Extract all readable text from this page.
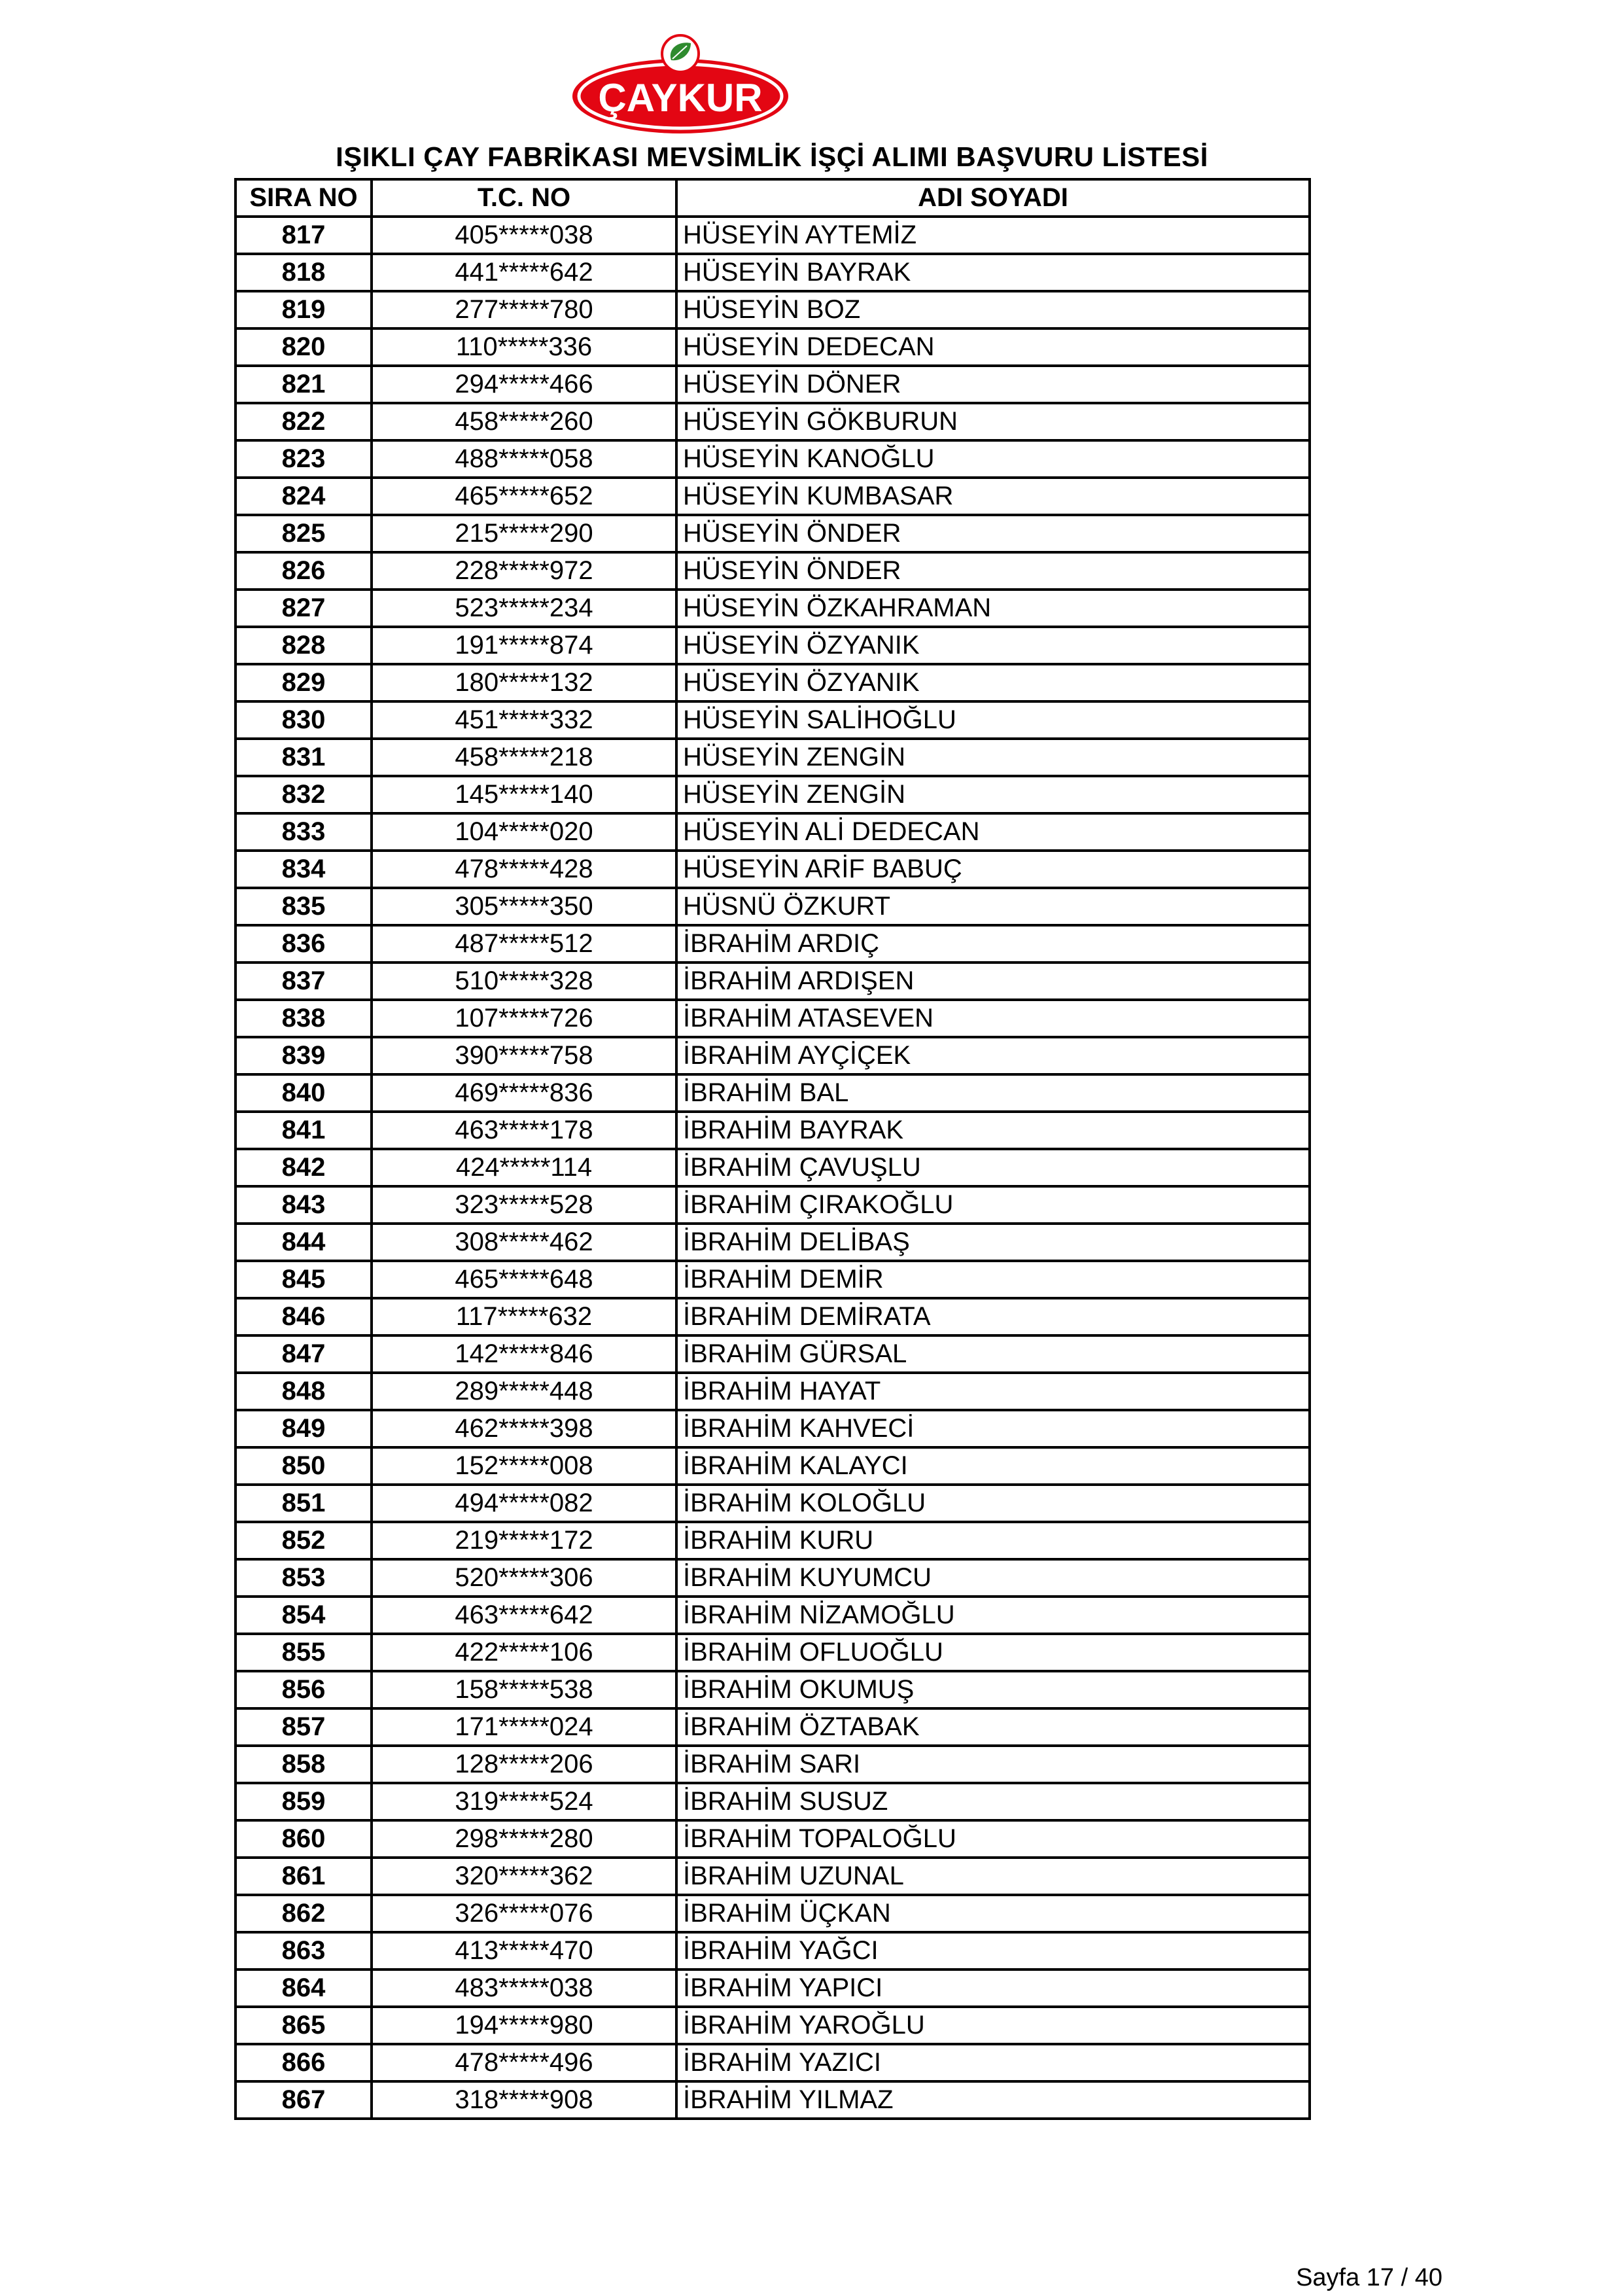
ÇAYKUR
IŞIKLI ÇAY FABRİKASI MEVSİMLİK İŞÇİ ALIMI BAŞVURU LİSTESİ
SIRA NO	T.C. NO	ADI SOYADI
817	405*****038	HÜSEYİN AYTEMİZ
818	441*****642	HÜSEYİN BAYRAK
819	277*****780	HÜSEYİN BOZ
820	110*****336	HÜSEYİN DEDECAN
821	294*****466	HÜSEYİN DÖNER
822	458*****260	HÜSEYİN GÖKBURUN
823	488*****058	HÜSEYİN KANOĞLU
824	465*****652	HÜSEYİN KUMBASAR
825	215*****290	HÜSEYİN ÖNDER
826	228*****972	HÜSEYİN ÖNDER
827	523*****234	HÜSEYİN ÖZKAHRAMAN
828	191*****874	HÜSEYİN ÖZYANIK
829	180*****132	HÜSEYİN ÖZYANIK
830	451*****332	HÜSEYİN SALİHOĞLU
831	458*****218	HÜSEYİN ZENGİN
832	145*****140	HÜSEYİN ZENGİN
833	104*****020	HÜSEYİN ALİ DEDECAN
834	478*****428	HÜSEYİN ARİF BABUÇ
835	305*****350	HÜSNÜ ÖZKURT
836	487*****512	İBRAHİM ARDIÇ
837	510*****328	İBRAHİM ARDIŞEN
838	107*****726	İBRAHİM ATASEVEN
839	390*****758	İBRAHİM AYÇİÇEK
840	469*****836	İBRAHİM BAL
841	463*****178	İBRAHİM BAYRAK
842	424*****114	İBRAHİM ÇAVUŞLU
843	323*****528	İBRAHİM ÇIRAKOĞLU
844	308*****462	İBRAHİM DELİBAŞ
845	465*****648	İBRAHİM DEMİR
846	117*****632	İBRAHİM DEMİRATA
847	142*****846	İBRAHİM GÜRSAL
848	289*****448	İBRAHİM HAYAT
849	462*****398	İBRAHİM KAHVECİ
850	152*****008	İBRAHİM KALAYCI
851	494*****082	İBRAHİM KOLOĞLU
852	219*****172	İBRAHİM KURU
853	520*****306	İBRAHİM KUYUMCU
854	463*****642	İBRAHİM NİZAMOĞLU
855	422*****106	İBRAHİM OFLUOĞLU
856	158*****538	İBRAHİM OKUMUŞ
857	171*****024	İBRAHİM ÖZTABAK
858	128*****206	İBRAHİM SARI
859	319*****524	İBRAHİM SUSUZ
860	298*****280	İBRAHİM TOPALOĞLU
861	320*****362	İBRAHİM UZUNAL
862	326*****076	İBRAHİM ÜÇKAN
863	413*****470	İBRAHİM YAĞCI
864	483*****038	İBRAHİM YAPICI
865	194*****980	İBRAHİM YAROĞLU
866	478*****496	İBRAHİM YAZICI
867	318*****908	İBRAHİM YILMAZ
Sayfa 17 / 40
